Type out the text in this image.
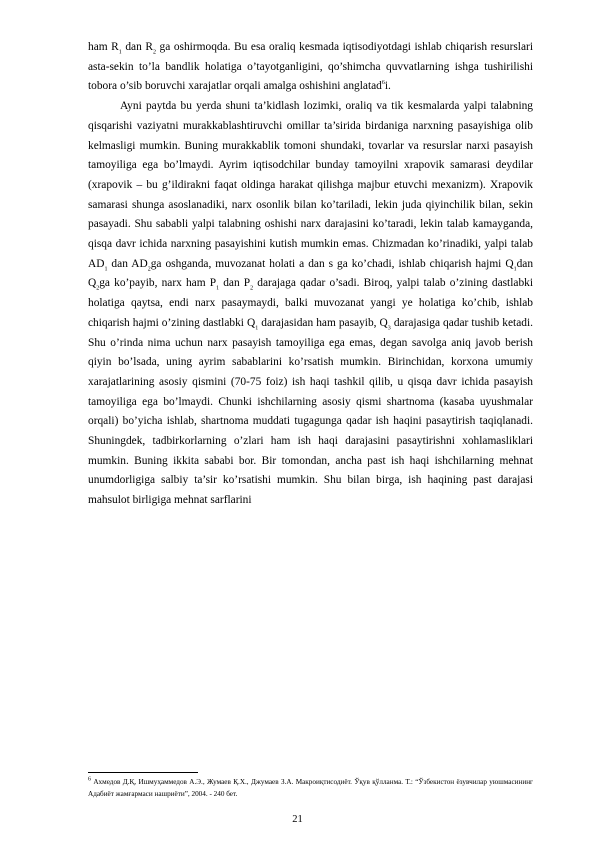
ham $R_1$ dan $R_2$ ga oshirmoqda. Bu esa oraliq kesmada iqtisodiyotdagi ishlab chiqarish resurslari asta-sekin to’la bandlik holatiga o’tayotganligini, qo’shimcha quvvatlarning ishga tushirilishi tobora o’sib boruvchi xarajatlar orqali amalga oshishini anglatad$^6$i.

Ayni paytda bu yerda shuni ta’kidlash lozimki, oraliq va tik kesmalarda yalpi talabning qisqarishi vaziyatni murakkablashtiruvchi omillar ta’sirida birdaniga narxning pasayishiga olib kelmasligi mumkin. Buning murakkablik tomoni shundaki, tovarlar va resurslar narxi pasayish tamoyiliga ega bo’lmaydi. Ayrim iqtisodchilar bunday tamoyilni xrapovik samarasi deydilar (xrapovik – bu g’ildirakni faqat oldinga harakat qilishga majbur etuvchi mexanizm). Xrapovik samarasi shunga asoslanadiki, narx osonlik bilan ko’tariladi, lekin juda qiyinchilik bilan, sekin pasayadi. Shu sababli yalpi talabning oshishi narx darajasini ko’taradi, lekin talab kamayganda, qisqa davr ichida narxning pasayishini kutish mumkin emas. Chizmadan ko’rinadiki, yalpi talab $AD_1$ dan $AD_2ga$ oshganda, muvozanat holati a dan s ga ko’chadi, ishlab chiqarish hajmi $Q_1dan$ $Q_2ga$ ko’payib, narx ham $P_1$ dan $P_2$ darajaga qadar o’sadi. Biroq, yalpi talab o’zining dastlabki holatiga qaytsa, endi narx pasaymaydi, balki muvozanat yangi ye holatiga ko’chib, ishlab chiqarish hajmi o’zining dastlabki $Q_1$ darajasidan ham pasayib, $Q_3$ darajasiga qadar tushib ketadi. Shu o’rinda nima uchun narx pasayish tamoyiliga ega emas, degan savolga aniq javob berish qiyin bo’lsada, uning ayrim sabablarini ko’rsatish mumkin. Birinchidan, korxona umumiy xarajatlarining asosiy qismini (70-75 foiz) ish haqi tashkil qilib, u qisqa davr ichida pasayish tamoyiliga ega bo’lmaydi. Chunki ishchilarning asosiy qismi shartnoma (kasaba uyushmalar orqali) bo’yicha ishlab, shartnoma muddati tugagunga qadar ish haqini pasaytirish taqiqlanadi. Shuningdek, tadbirkorlarning o’zlari ham ish haqi darajasini pasaytirishni xohlamasliklari mumkin. Buning ikkita sababi bor. Bir tomondan, ancha past ish haqi ishchilarning mehnat unumdorligiga salbiy ta’sir ko’rsatishi mumkin. Shu bilan birga, ish haqining past darajasi mahsulot birligiga mehnat sarflarini

$^6$ Ахмедов Д.Қ, Ишмуҳаммедов А.Э., Жумаев Қ.Х., Джумаев З.А. Макроиқтисодиёт. Ўқув қўлланма. Т.: “Ўзбекистон ёзувчилар уюшмасининг Адабиёт жамғармаси нашриёти”, 2004. - 240 бет.
21
